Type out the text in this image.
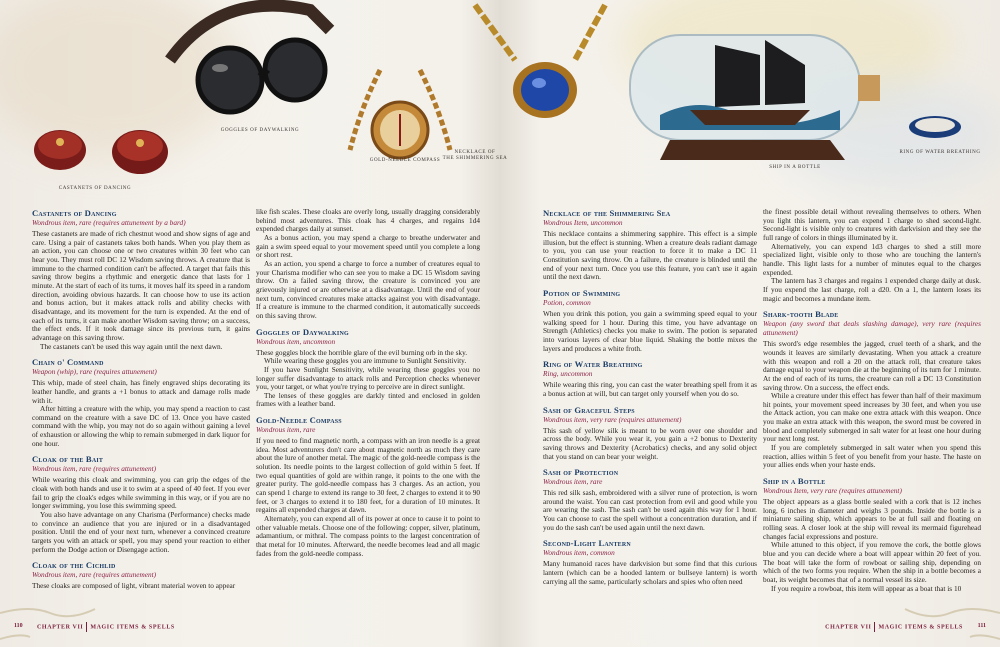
GOGGLES OF DAYWALKING
CASTANETS OF DANCING
GOLD-NEEDLE COMPASS
NECKLACE OF
THE SHIMMERING SEA
SHIP IN A BOTTLE
RING OF WATER BREATHING
Castanets of Dancing
Wondrous item, rare (requires attunement by a bard)

These castanets are made of rich chestnut wood and show signs of age and care. Using a pair of castanets takes both hands. When you play them as an action, you can choose one or two creatures within 30 feet who can hear you. They must roll DC 12 Wisdom saving throws. A creature that is immune to the charmed condition can't be affected. A target that fails this saving throw begins a rhythmic and energetic dance that lasts for 1 minute. At the start of each of its turns, it moves half its speed in a random direction, avoiding obvious hazards. It can choose how to use its action and bonus action, but it makes attack rolls and ability checks with disadvantage, and its movement for the turn is expended. At the end of each of its turns, it can make another Wisdom saving throw; on a success, the effect ends. If it took damage since its previous turn, it gains advantage on this saving throw.

The castanets can't be used this way again until the next dawn.

Chain o' Command
Weapon (whip), rare (requires attunement)

This whip, made of steel chain, has finely engraved ships decorating its leather handle, and grants a +1 bonus to attack and damage rolls made with it.

After hitting a creature with the whip, you may spend a reaction to cast command on the creature with a save DC of 13. Once you have casted command with the whip, you may not do so again without gaining a level of exhaustion or allowing the whip to remain submerged in dark liquor for one hour.

Cloak of the Bait
Wondrous item, rare (requires attunement)

While wearing this cloak and swimming, you can grip the edges of the cloak with both hands and use it to swim at a speed of 40 feet. If you ever fail to grip the cloak's edges while swimming in this way, or if you are no longer swimming, you lose this swimming speed.

You also have advantage on any Charisma (Performance) checks made to convince an audience that you are injured or in a disadvantaged position. Until the end of your next turn, whenever a convinced creature targets you with an attack or spell, you may spend your reaction to either perform the Dodge action or Disengage action.

Cloak of the Cichlid
Wondrous item, rare (requires attunement)

These cloaks are composed of light, vibrant material woven to appear

like fish scales. These cloaks are overly long, usually dragging considerably behind most adventures. This cloak has 4 charges, and regains 1d4 expended charges daily at sunset.

As a bonus action, you may spend a charge to breathe underwater and gain a swim speed equal to your movement speed until you complete a long or short rest.

As an action, you spend a charge to force a number of creatures equal to your Charisma modifier who can see you to make a DC 15 Wisdom saving throw. On a failed saving throw, the creature is convinced you are grievously injured or are otherwise at a disadvantage. Until the end of your next turn, convinced creatures make attacks against you with disadvantage. If a creature is immune to the charmed condition, it automatically succeeds on this saving throw.

Goggles of Daywalking
Wondrous item, uncommon

These goggles block the horrible glare of the evil burning orb in the sky.

While wearing these goggles you are immune to Sunlight Sensitivity.

If you have Sunlight Sensitivity, while wearing these goggles you no longer suffer disadvantage to attack rolls and Perception checks whenever you, your target, or what you're trying to perceive are in direct sunlight.

The lenses of these goggles are darkly tinted and enclosed in golden frames with a leather band.

Gold-Needle Compass
Wondrous item, rare

If you need to find magnetic north, a compass with an iron needle is a great idea. Most adventurers don't care about magnetic north as much they care about the lure of another metal. The magic of the gold-needle compass is the solution. Its needle points to the largest collection of gold within 5 feet. If two equal quantities of gold are within range, it points to the one with the greater purity. The gold-needle compass has 3 charges. As an action, you can spend 1 charge to extend its range to 30 feet, 2 charges to extend it to 90 feet, or 3 charges to extend it to 180 feet, for a duration of 10 minutes. It regains all expended charges at dawn.

Alternately, you can expend all of its power at once to cause it to point to other valuable metals. Choose one of the following: copper, silver, platinum, adamantium, or mithral. The compass points to the largest concentration of that metal for 10 minutes. Afterward, the needle becomes lead and all magic fades from the gold-needle compass.

Necklace of the Shimmering Sea
Wondrous Item, uncommon

This necklace contains a shimmering sapphire. This effect is a simple illusion, but the effect is stunning. When a creature deals radiant damage to you, you can use your reaction to force it to make a DC 11 Constitution saving throw. On a failure, the creature is blinded until the end of your next turn. Once you use this feature, you can't use it again until the next dawn.

Potion of Swimming
Potion, common

When you drink this potion, you gain a swimming speed equal to your walking speed for 1 hour. During this time, you have advantage on Strength (Athletics) checks you make to swim. The potion is separated into various layers of clear blue liquid. Shaking the bottle mixes the layers and produces a white froth.

Ring of Water Breathing
Ring, uncommon

While wearing this ring, you can cast the water breathing spell from it as a bonus action at will, but can target only yourself when you do so.

Sash of Graceful Steps
Wondrous item, very rare (requires attunement)

This sash of yellow silk is meant to be worn over one shoulder and across the body. While you wear it, you gain a +2 bonus to Dexterity saving throws and Dexterity (Acrobatics) checks, and any solid object that you stand on can bear your weight.

Sash of Protection
Wondrous item, rare

This red silk sash, embroidered with a silver rune of protection, is worn around the waist. You can cast protection from evil and good while you are wearing the sash. The sash can't be used again this way for 1 hour. You can choose to cast the spell without a concentration duration, and if you do the sash can't be used again until the next dawn.

Second-Light Lantern
Wondrous item, common

Many humanoid races have darkvision but some find that this curious lantern (which can be a hooded lantern or bullseye lantern) is worth carrying all the same, particularly scholars and spies who often need

the finest possible detail without revealing themselves to others. When you light this lantern, you can expend 1 charge to shed second-light. Second-light is visible only to creatures with darkvision and they see the full range of colors in things illuminated by it.

Alternatively, you can expend 1d3 charges to shed a still more specialized light, visible only to those who are touching the lantern's handle. This light lasts for a number of minutes equal to the charges expended.

The lantern has 3 charges and regains 1 expended charge daily at dusk. If you expend the last charge, roll a d20. On a 1, the lantern loses its magic and becomes a mundane item.

Shark-tooth Blade
Weapon (any sword that deals slashing damage), very rare (requires attunement)

This sword's edge resembles the jagged, cruel teeth of a shark, and the wounds it leaves are similarly devastating. When you attack a creature with this weapon and roll a 20 on the attack roll, that creature takes damage equal to your weapon die at the beginning of its turn for 1 minute. At the end of each of its turns, the creature can roll a DC 13 Constitution saving throw. On a success, the effect ends.

While a creature under this effect has fewer than half of their maximum hit points, your movement speed increases by 30 feet, and when you use the Attack action, you can make one extra attack with this weapon. Once you make an extra attack with this weapon, the sword must be covered in blood and completely submerged in salt water for at least one hour during your next long rest.

If you are completely submerged in salt water when you spend this reaction, allies within 5 feet of you benefit from your haste. The haste on your allies ends when your haste ends.

Ship in a Bottle
Wondrous Item, very rare (requires attunement)

The object appears as a glass bottle sealed with a cork that is 12 inches long, 6 inches in diameter and weighs 3 pounds. Inside the bottle is a miniature sailing ship, which appears to be at full sail and floating on rolling seas. A closer look at the ship will reveal its mermaid figurehead changes facial expressions and posture.

While attuned to this object, if you remove the cork, the bottle glows blue and you can decide where a boat will appear within 20 feet of you. The boat will take the form of rowboat or sailing ship, depending on which of the two forms you require. When the ship in a bottle becomes a boat, its weight becomes that of a normal vessel its size.

If you require a rowboat, this item will appear as a boat that is 10

110 CHAPTER VII MAGIC ITEMS & SPELLS	CHAPTER VII MAGIC ITEMS & SPELLS 111
